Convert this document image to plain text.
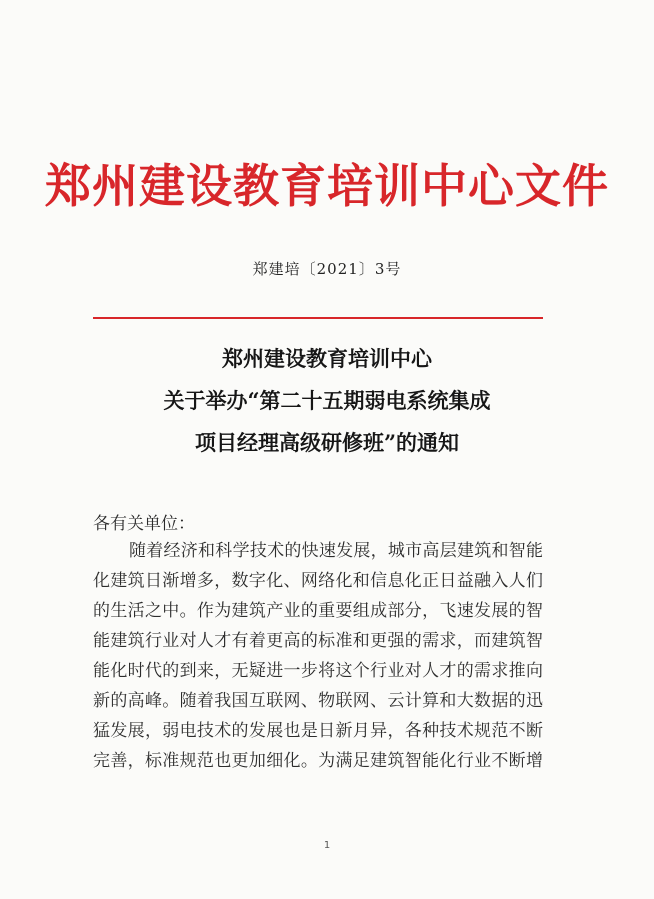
郑州建设教育培训中心文件
郑建培〔2021〕3号
郑州建设教育培训中心
关于举办“第二十五期弱电系统集成
项目经理高级研修班”的通知
各有关单位：
随着经济和科学技术的快速发展，城市高层建筑和智能
化建筑日渐增多，数字化、网络化和信息化正日益融入人们
的生活之中。作为建筑产业的重要组成部分，飞速发展的智
能建筑行业对人才有着更高的标准和更强的需求，而建筑智
能化时代的到来，无疑进一步将这个行业对人才的需求推向
新的高峰。随着我国互联网、物联网、云计算和大数据的迅
猛发展，弱电技术的发展也是日新月异，各种技术规范不断
完善，标准规范也更加细化。为满足建筑智能化行业不断增
1
